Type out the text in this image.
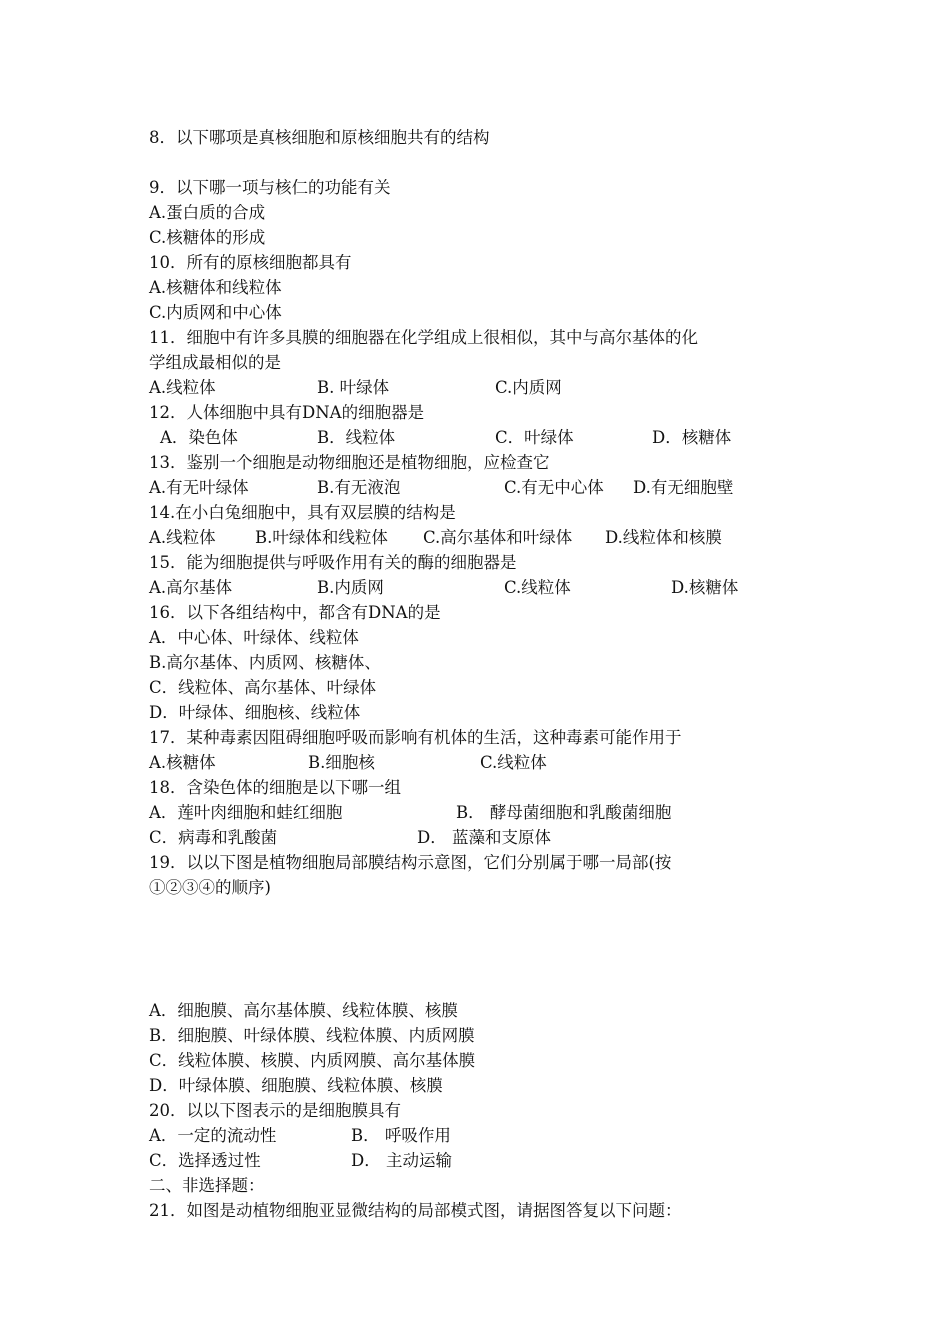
8．以下哪项是真核细胞和原核细胞共有的结构
9．以下哪一项与核仁的功能有关
A.蛋白质的合成
C.核糖体的形成
10．所有的原核细胞都具有
A.核糖体和线粒体
C.内质网和中心体
11．细胞中有许多具膜的细胞器在化学组成上很相似，其中与高尔基体的化
学组成最相似的是
A.线粒体	B. 叶绿体	C.内质网
12．人体细胞中具有DNA的细胞器是
A．染色体	B．线粒体	C．叶绿体	D．核糖体
13．鉴别一个细胞是动物细胞还是植物细胞，应检查它
A.有无叶绿体	B.有无液泡	C.有无中心体 D.有无细胞壁
14.在小白兔细胞中，具有双层膜的结构是
A.线粒体 B.叶绿体和线粒体 C.高尔基体和叶绿体 D.线粒体和核膜
15．能为细胞提供与呼吸作用有关的酶的细胞器是
A.高尔基体	B.内质网	C.线粒体	D.核糖体
16．以下各组结构中，都含有DNA的是
A．中心体、叶绿体、线粒体
B.高尔基体、内质网、核糖体、
C．线粒体、高尔基体、叶绿体
D．叶绿体、细胞核、线粒体
17．某种毒素因阻碍细胞呼吸而影响有机体的生活，这种毒素可能作用于
A.核糖体	B.细胞核	C.线粒体
18．含染色体的细胞是以下哪一组
A．莲叶肉细胞和蛙红细胞	B． 酵母菌细胞和乳酸菌细胞
C．病毒和乳酸菌	D． 蓝藻和支原体
19．以以下图是植物细胞局部膜结构示意图，它们分别属于哪一局部(按
①②③④的顺序)
A．细胞膜、高尔基体膜、线粒体膜、核膜
B．细胞膜、叶绿体膜、线粒体膜、内质网膜
C．线粒体膜、核膜、内质网膜、高尔基体膜
D．叶绿体膜、细胞膜、线粒体膜、核膜
20．以以下图表示的是细胞膜具有
A．一定的流动性	B． 呼吸作用
C．选择透过性	D． 主动运输
二、非选择题：
21．如图是动植物细胞亚显微结构的局部模式图，请据图答复以下问题：
